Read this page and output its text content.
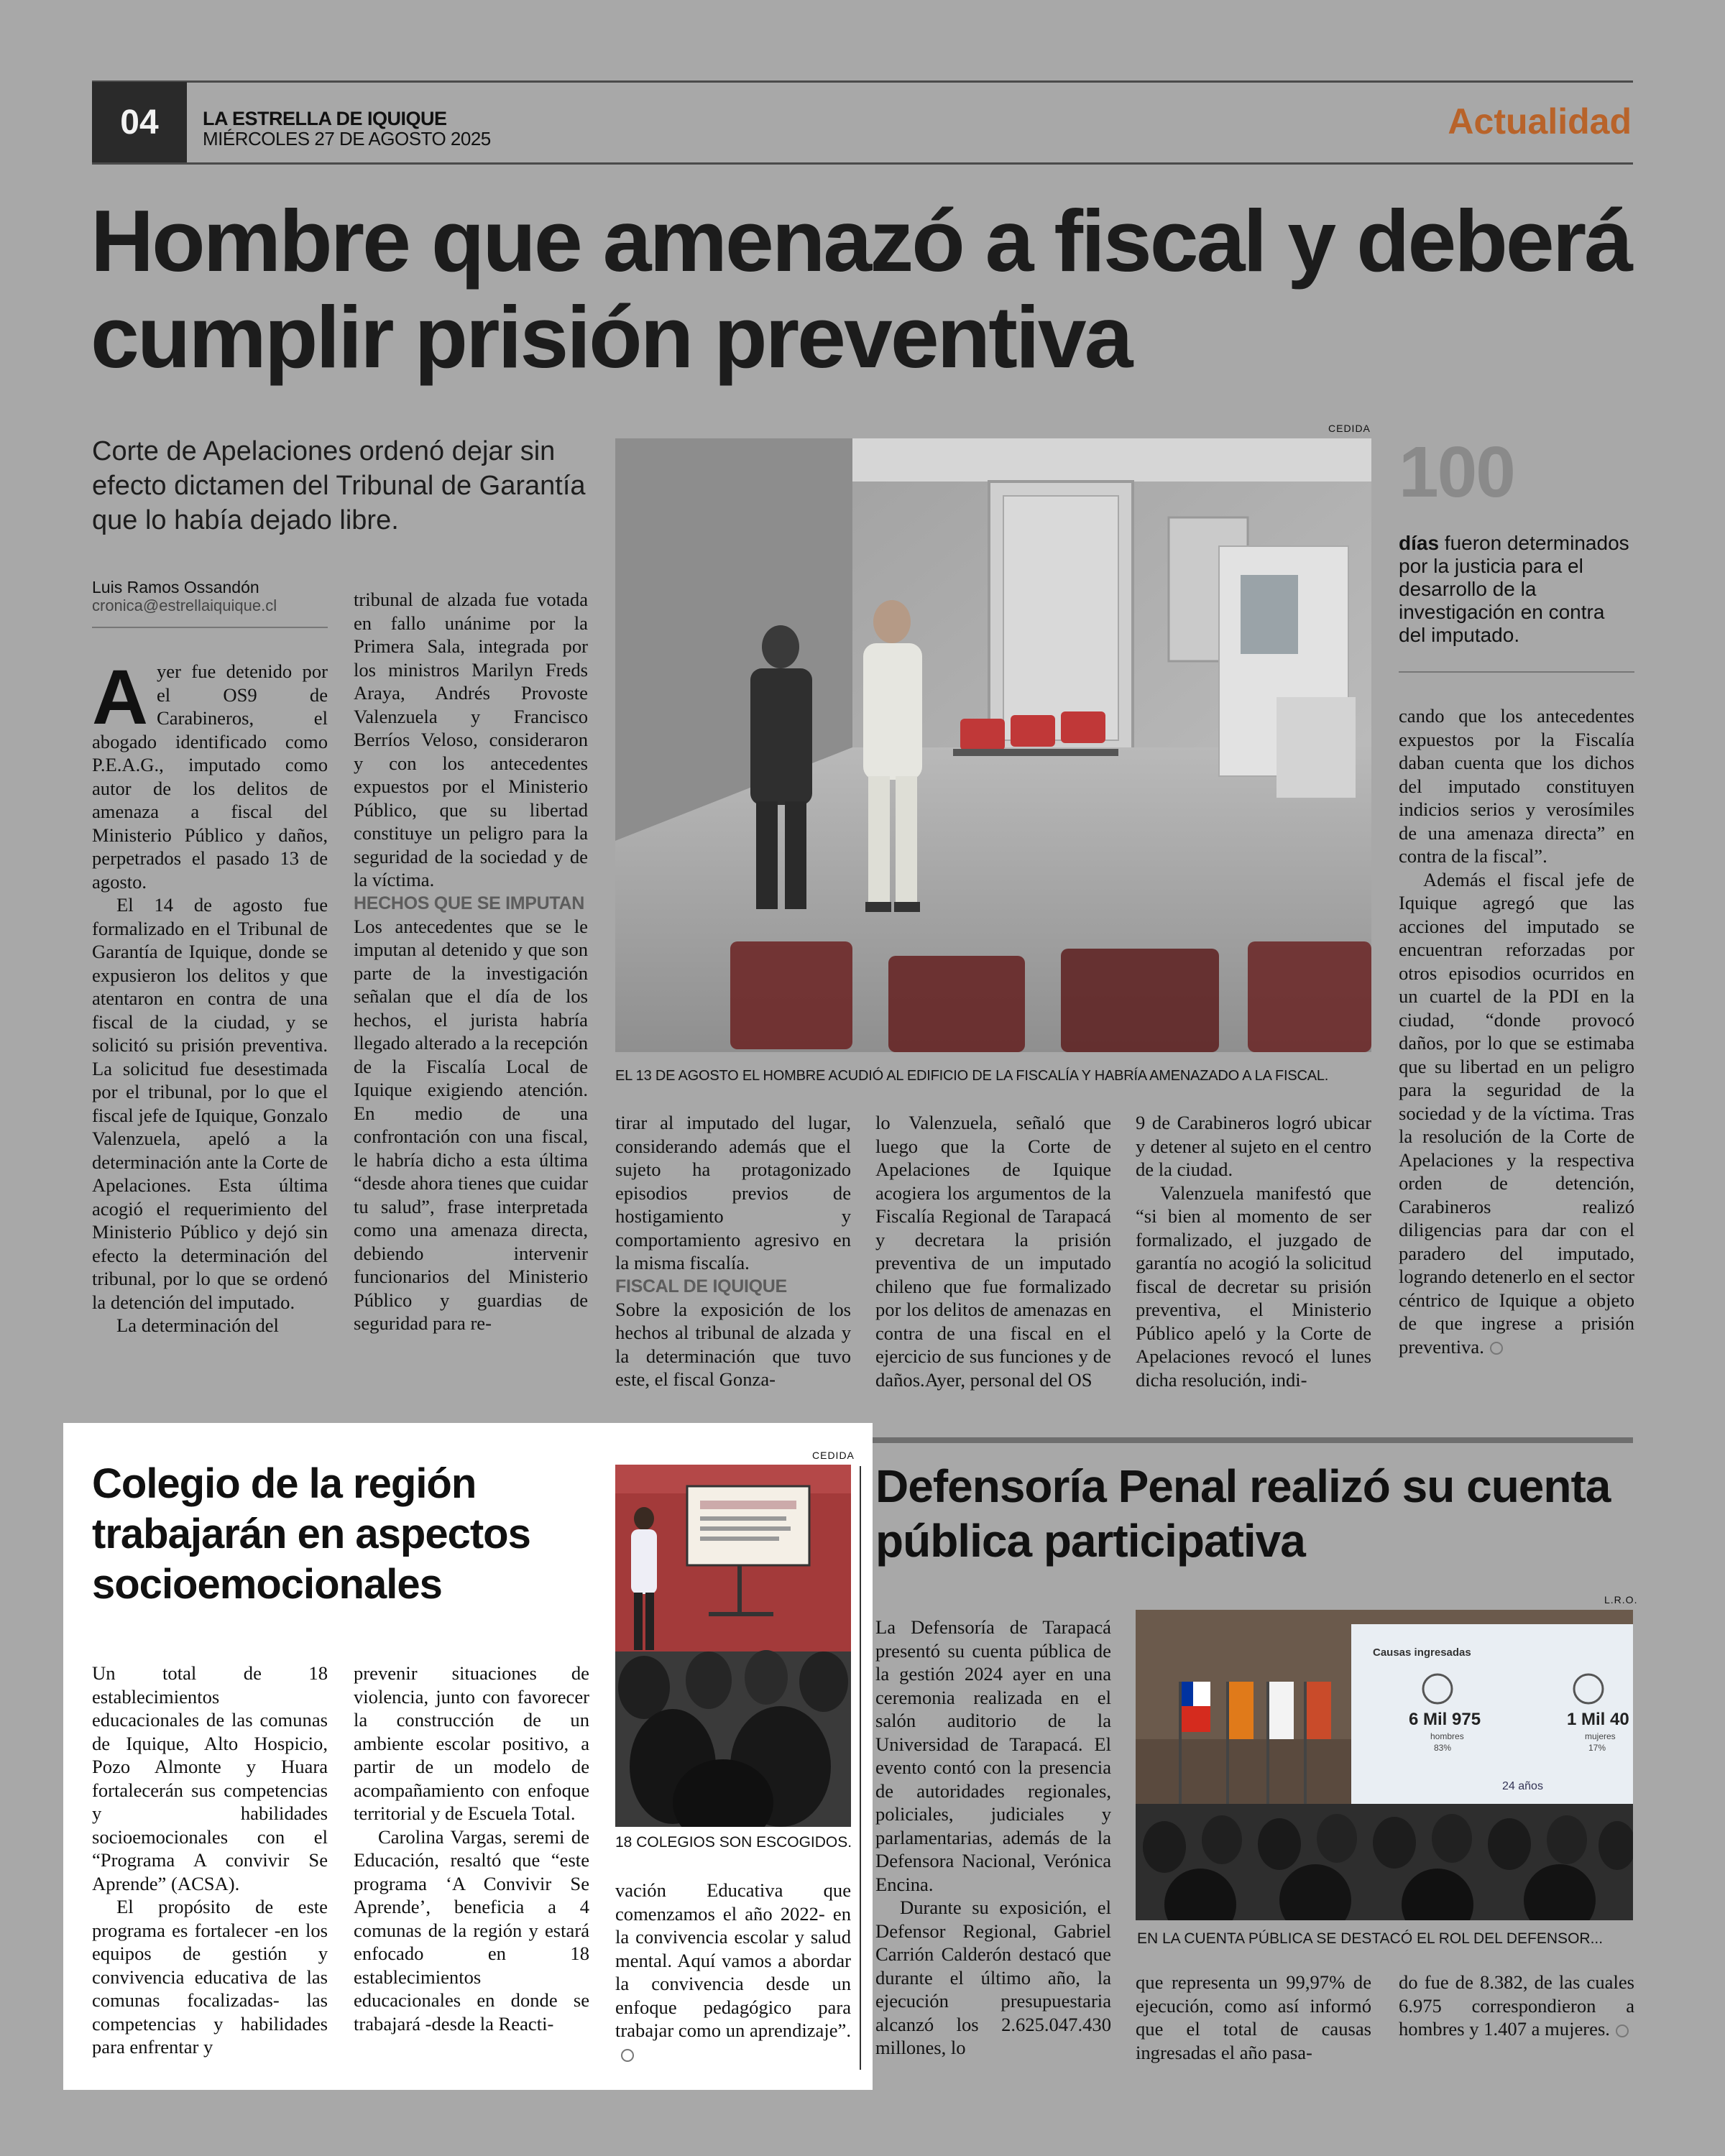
04	LA ESTRELLA DE IQUIQUE
MIÉRCOLES 27 DE AGOSTO 2025	Actualidad
Hombre que amenazó a fiscal y deberá cumplir prisión preventiva
Corte de Apelaciones ordenó dejar sin efecto dictamen del Tribunal de Garantía que lo había dejado libre.
Luis Ramos Ossandón
cronica@estrellaiquique.cl

Ayer fue detenido por el OS9 de Carabineros, el abogado identificado como P.E.A.G., imputado como autor de los delitos de amenaza a fiscal del Ministerio Público y daños, perpetrados el pasado 13 de agosto.

El 14 de agosto fue formalizado en el Tribunal de Garantía de Iquique, donde se expusieron los delitos y que atentaron en contra de una fiscal de la ciudad, y se solicitó su prisión preventiva. La solicitud fue desestimada por el tribunal, por lo que el fiscal jefe de Iquique, Gonzalo Valenzuela, apeló a la determinación ante la Corte de Apelaciones. Esta última acogió el requerimiento del Ministerio Público y dejó sin efecto la determinación del tribunal, por lo que se ordenó la detención del imputado.

La determinación del

tribunal de alzada fue votada en fallo unánime por la Primera Sala, integrada por los ministros Marilyn Freds Araya, Andrés Provoste Valenzuela y Francisco Berríos Veloso, consideraron y con los antecedentes expuestos por el Ministerio Público, que su libertad constituye un peligro para la seguridad de la sociedad y de la víctima.

HECHOS QUE SE IMPUTAN

Los antecedentes que se le imputan al detenido y que son parte de la investigación señalan que el día de los hechos, el jurista habría llegado alterado a la recepción de la Fiscalía Local de Iquique exigiendo atención. En medio de una confrontación con una fiscal, le habría dicho a esta última “desde ahora tienes que cuidar tu salud”, frase interpretada como una amenaza directa, debiendo intervenir funcionarios del Ministerio Público y guardias de seguridad para re-

CEDIDA
EL 13 DE AGOSTO EL HOMBRE ACUDIÓ AL EDIFICIO DE LA FISCALÍA Y HABRÍA AMENAZADO A LA FISCAL.

tirar al imputado del lugar, considerando además que el sujeto ha protagonizado episodios previos de hostigamiento y comportamiento agresivo en la misma fiscalía.

FISCAL DE IQUIQUE

Sobre la exposición de los hechos al tribunal de alzada y la determinación que tuvo este, el fiscal Gonza-

lo Valenzuela, señaló que luego que la Corte de Apelaciones de Iquique acogiera los argumentos de la Fiscalía Regional de Tarapacá y decretara la prisión preventiva de un imputado chileno que fue formalizado por los delitos de amenazas en contra de una fiscal en el ejercicio de sus funciones y de daños.Ayer, personal del OS

9 de Carabineros logró ubicar y detener al sujeto en el centro de la ciudad.

Valenzuela manifestó que “si bien al momento de ser formalizado, el juzgado de garantía no acogió la solicitud fiscal de decretar su prisión preventiva, el Ministerio Público apeló y la Corte de Apelaciones revocó el lunes dicha resolución, indi-

100
días fueron determinados por la justicia para el desarrollo de la investigación en contra del imputado.

cando que los antecedentes expuestos por la Fiscalía daban cuenta que los dichos del imputado constituyen indicios serios y verosímiles de una amenaza directa” en contra de la fiscal”.

Además el fiscal jefe de Iquique agregó que las acciones del imputado se encuentran reforzadas por otros episodios ocurridos en un cuartel de la PDI en la ciudad, “donde provocó daños, por lo que se estimaba que su libertad en un peligro para la seguridad de la sociedad y de la víctima. Tras la resolución de la Corte de Apelaciones y la respectiva orden de detención, Carabineros realizó diligencias para dar con el paradero del imputado, logrando detenerlo en el sector céntrico de Iquique a objeto de que ingrese a prisión preventiva.

Colegio de la región trabajarán en aspectos socioemocionales
CEDIDA
18 COLEGIOS SON ESCOGIDOS.

Un total de 18 establecimientos educacionales de las comunas de Iquique, Alto Hospicio, Pozo Almonte y Huara fortalecerán sus competencias y habilidades socioemocionales con el “Programa A convivir Se Aprende” (ACSA).

El propósito de este programa es fortalecer -en los equipos de gestión y convivencia educativa de las comunas focalizadas- las competencias y habilidades para enfrentar y

prevenir situaciones de violencia, junto con favorecer la construcción de un ambiente escolar positivo, a partir de un modelo de acompañamiento con enfoque territorial y de Escuela Total.

Carolina Vargas, seremi de Educación, resaltó que “este programa ‘A Convivir Se Aprende’, beneficia a 4 comunas de la región y estará enfocado en 18 establecimientos educacionales en donde se trabajará -desde la Reacti-

vación Educativa que comenzamos el año 2022- en la convivencia escolar y salud mental. Aquí vamos a abordar la convivencia desde un enfoque pedagógico para trabajar como un aprendizaje”.

Defensoría Penal realizó su cuenta pública participativa
L.R.O.
Causas ingresadas
6 Mil 975
hombres
83%
1 Mil 40
mujeres
17%
24 años
EN LA CUENTA PÚBLICA SE DESTACÓ EL ROL DEL DEFENSOR...

La Defensoría de Tarapacá presentó su cuenta pública de la gestión 2024 ayer en una ceremonia realizada en el salón auditorio de la Universidad de Tarapacá. El evento contó con la presencia de autoridades regionales, policiales, judiciales y parlamentarias, además de la Defensora Nacional, Verónica Encina.

Durante su exposición, el Defensor Regional, Gabriel Carrión Calderón destacó que durante el último año, la ejecución presupuestaria alcanzó los 2.625.047.430 millones, lo

que representa un 99,97% de ejecución, como así informó que el total de causas ingresadas el año pasa-

do fue de 8.382, de las cuales 6.975 correspondieron a hombres y 1.407 a mujeres.
